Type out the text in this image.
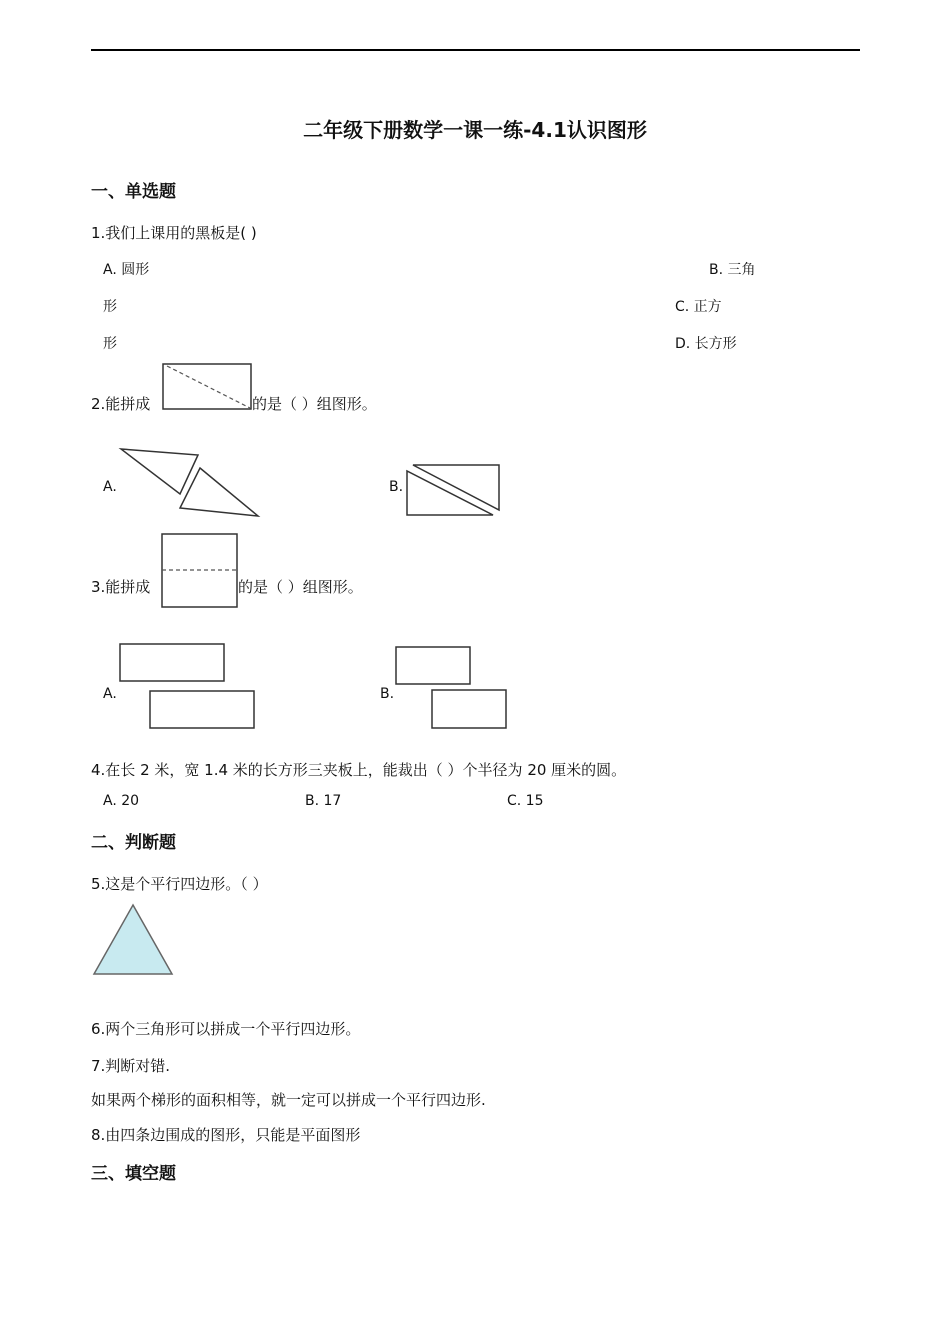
二年级下册数学一课一练-4.1认识图形
一、单选题
1.我们上课用的黑板是( )
A. 圆形	B. 三角
形	C. 正方
形	D. 长方形
2.能拼成	的是（ ）组图形。
A.	B.
3.能拼成	的是（ ）组图形。
A.	B.
4.在长 2 米，宽 1.4 米的长方形三夹板上，能裁出（ ）个半径为 20 厘米的圆。
A. 20	B. 17	C. 15
二、判断题
5.这是个平行四边形。（ ）
6.两个三角形可以拼成一个平行四边形。
7.判断对错.
如果两个梯形的面积相等，就一定可以拼成一个平行四边形.
8.由四条边围成的图形，只能是平面图形
三、填空题
